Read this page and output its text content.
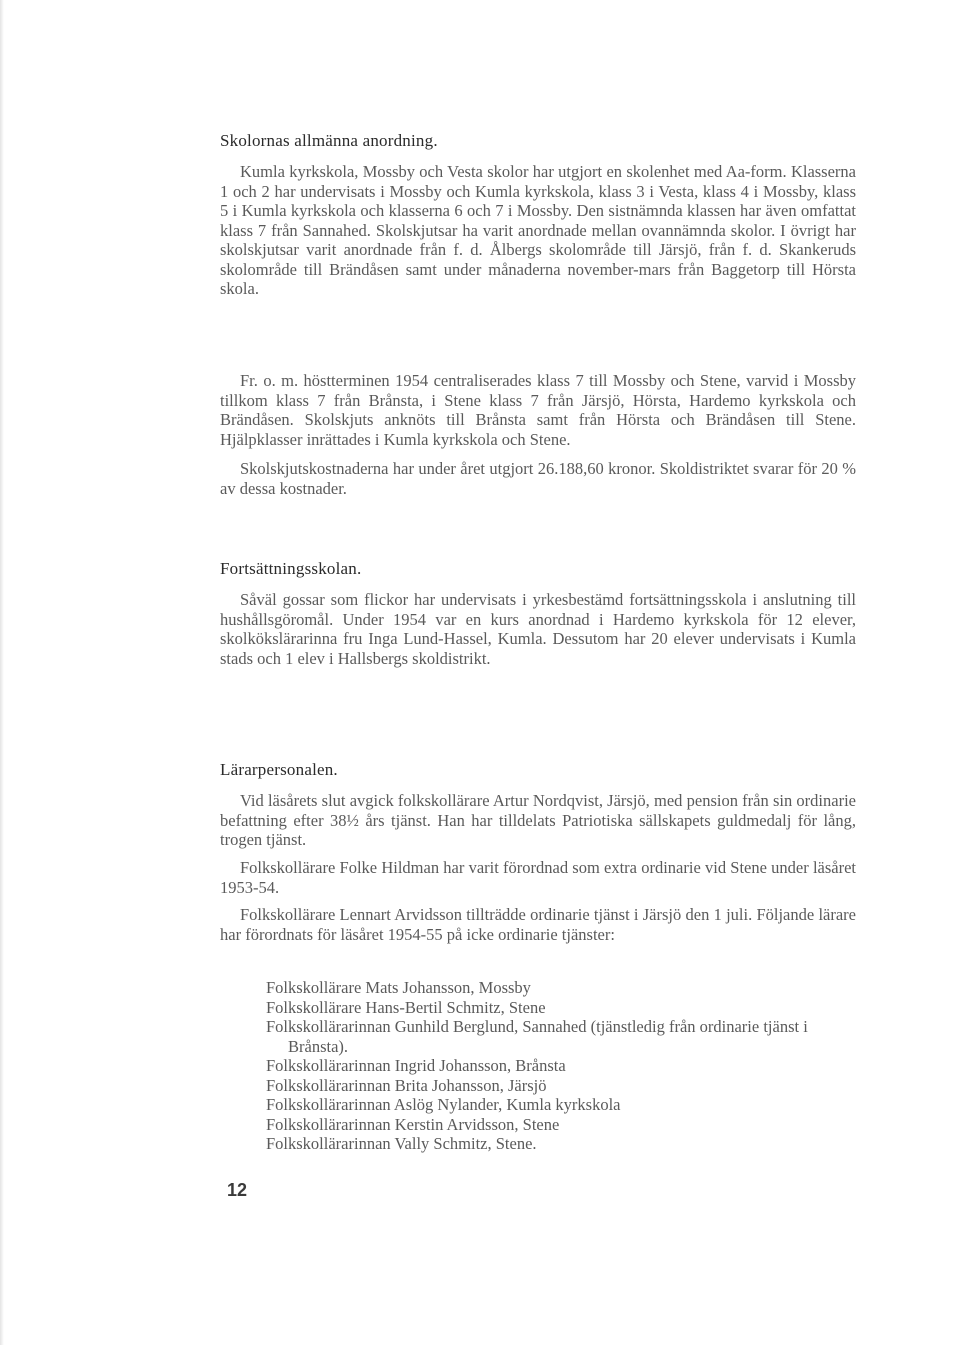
Skolornas allmänna anordning.

Kumla kyrkskola, Mossby och Vesta skolor har utgjort en skolenhet med Aa-form. Klasserna 1 och 2 har undervisats i Mossby och Kumla kyrkskola, klass 3 i Vesta, klass 4 i Mossby, klass 5 i Kumla kyrkskola och klasserna 6 och 7 i Mossby. Den sistnämnda klassen har även omfattat klass 7 från Sannahed. Skolskjutsar ha varit anordnade mellan ovannämnda skolor. I övrigt har skolskjutsar varit anordnade från f. d. Ålbergs skolområde till Järsjö, från f. d. Skankeruds skolområde till Brändåsen samt under månaderna november-mars från Baggetorp till Hörsta skola.

Fr. o. m. höstterminen 1954 centraliserades klass 7 till Mossby och Stene, varvid i Mossby tillkom klass 7 från Brånsta, i Stene klass 7 från Järsjö, Hörsta, Hardemo kyrkskola och Brändåsen. Skolskjuts anknöts till Brånsta samt från Hörsta och Brändåsen till Stene. Hjälpklasser inrättades i Kumla kyrkskola och Stene.

Skolskjutskostnaderna har under året utgjort 26.188,60 kronor. Skoldistriktet svarar för 20 % av dessa kostnader.

Fortsättningsskolan.

Såväl gossar som flickor har undervisats i yrkesbestämd fortsättningsskola i anslutning till hushållsgöromål. Under 1954 var en kurs anordnad i Hardemo kyrkskola för 12 elever, skolkökslärarinna fru Inga Lund-Hassel, Kumla. Dessutom har 20 elever undervisats i Kumla stads och 1 elev i Hallsbergs skoldistrikt.

Lärarpersonalen.

Vid läsårets slut avgick folkskollärare Artur Nordqvist, Järsjö, med pension från sin ordinarie befattning efter 38½ års tjänst. Han har tilldelats Patriotiska sällskapets guldmedalj för lång, trogen tjänst.

Folkskollärare Folke Hildman har varit förordnad som extra ordinarie vid Stene under läsåret 1953-54.

Folkskollärare Lennart Arvidsson tillträdde ordinarie tjänst i Järsjö den 1 juli. Följande lärare har förordnats för läsåret 1954-55 på icke ordinarie tjänster:

Folkskollärare Mats Johansson, Mossby
Folkskollärare Hans-Bertil Schmitz, Stene
Folkskollärarinnan Gunhild Berglund, Sannahed (tjänstledig från ordinarie tjänst i Brånsta).
Folkskollärarinnan Ingrid Johansson, Brånsta
Folkskollärarinnan Brita Johansson, Järsjö
Folkskollärarinnan Aslög Nylander, Kumla kyrkskola
Folkskollärarinnan Kerstin Arvidsson, Stene
Folkskollärarinnan Vally Schmitz, Stene.
12
